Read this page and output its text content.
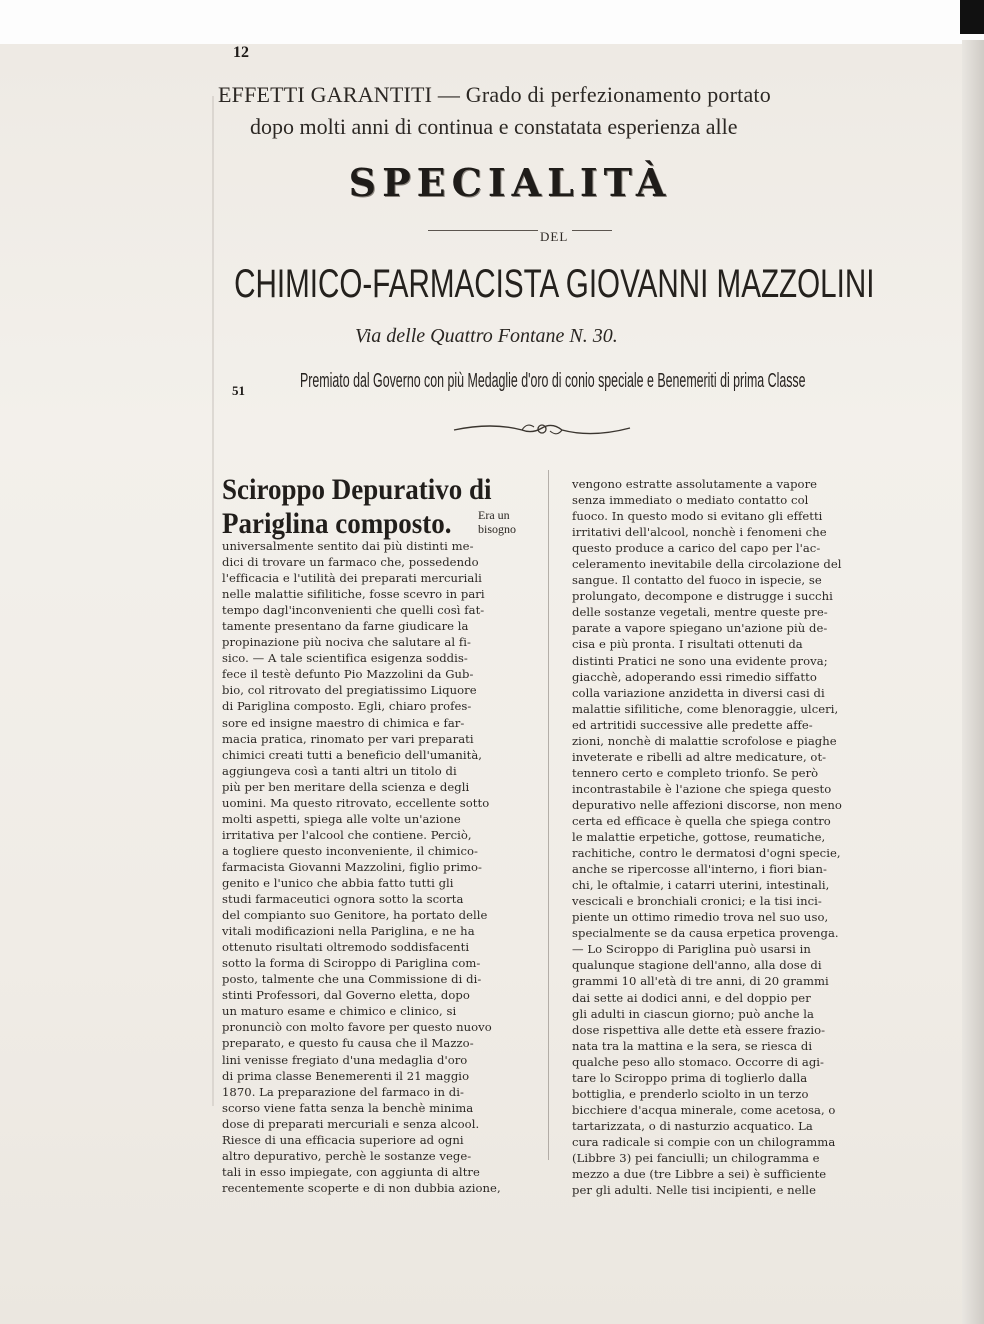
12
EFFETTI GARANTITI — Grado di perfezionamento portato
dopo molti anni di continua e constatata esperienza alle
SPECIALITÀ
DEL
CHIMICO-FARMACISTA GIOVANNI MAZZOLINI
Via delle Quattro Fontane N. 30.
51	Premiato dal Governo con più Medaglie d'oro di conio speciale e Benemeriti di prima Classe
Sciroppo Depurativo di
Pariglina composto. Era un
bisogno
universalmente sentito dai più distinti me-
dici di trovare un farmaco che, possedendo
l'efficacia e l'utilità dei preparati mercuriali
nelle malattie sifilitiche, fosse scevro in pari
tempo dagl'inconvenienti che quelli così fat-
tamente presentano da farne giudicare la
propinazione più nociva che salutare al fi-
sico. — A tale scientifica esigenza soddis-
fece il testè defunto Pio Mazzolini da Gub-
bio, col ritrovato del pregiatissimo Liquore
di Pariglina composto. Egli, chiaro profes-
sore ed insigne maestro di chimica e far-
macia pratica, rinomato per vari preparati
chimici creati tutti a beneficio dell'umanità,
aggiungeva così a tanti altri un titolo di
più per ben meritare della scienza e degli
uomini. Ma questo ritrovato, eccellente sotto
molti aspetti, spiega alle volte un'azione
irritativa per l'alcool che contiene. Perciò,
a togliere questo inconveniente, il chimico-
farmacista Giovanni Mazzolini, figlio primo-
genito e l'unico che abbia fatto tutti gli
studi farmaceutici ognora sotto la scorta
del compianto suo Genitore, ha portato delle
vitali modificazioni nella Pariglina, e ne ha
ottenuto risultati oltremodo soddisfacenti
sotto la forma di Sciroppo di Pariglina com-
posto, talmente che una Commissione di di-
stinti Professori, dal Governo eletta, dopo
un maturo esame e chimico e clinico, si
pronunciò con molto favore per questo nuovo
preparato, e questo fu causa che il Mazzo-
lini venisse fregiato d'una medaglia d'oro
di prima classe Benemerenti il 21 maggio
1870. La preparazione del farmaco in di-
scorso viene fatta senza la benchè minima
dose di preparati mercuriali e senza alcool.
Riesce di una efficacia superiore ad ogni
altro depurativo, perchè le sostanze vege-
tali in esso impiegate, con aggiunta di altre
recentemente scoperte e di non dubbia azione,
vengono estratte assolutamente a vapore
senza immediato o mediato contatto col
fuoco. In questo modo si evitano gli effetti
irritativi dell'alcool, nonchè i fenomeni che
questo produce a carico del capo per l'ac-
celeramento inevitabile della circolazione del
sangue. Il contatto del fuoco in ispecie, se
prolungato, decompone e distrugge i succhi
delle sostanze vegetali, mentre queste pre-
parate a vapore spiegano un'azione più de-
cisa e più pronta. I risultati ottenuti da
distinti Pratici ne sono una evidente prova;
giacchè, adoperando essi rimedio siffatto
colla variazione anzidetta in diversi casi di
malattie sifilitiche, come blenoraggie, ulceri,
ed artritidi successive alle predette affe-
zioni, nonchè di malattie scrofolose e piaghe
inveterate e ribelli ad altre medicature, ot-
tennero certo e completo trionfo. Se però
incontrastabile è l'azione che spiega questo
depurativo nelle affezioni discorse, non meno
certa ed efficace è quella che spiega contro
le malattie erpetiche, gottose, reumatiche,
rachitiche, contro le dermatosi d'ogni specie,
anche se ripercosse all'interno, i fiori bian-
chi, le oftalmie, i catarri uterini, intestinali,
vescicali e bronchiali cronici; e la tisi inci-
piente un ottimo rimedio trova nel suo uso,
specialmente se da causa erpetica provenga.
— Lo Sciroppo di Pariglina può usarsi in
qualunque stagione dell'anno, alla dose di
grammi 10 all'età di tre anni, di 20 grammi
dai sette ai dodici anni, e del doppio per
gli adulti in ciascun giorno; può anche la
dose rispettiva alle dette età essere frazio-
nata tra la mattina e la sera, se riesca di
qualche peso allo stomaco. Occorre di agi-
tare lo Sciroppo prima di toglierlo dalla
bottiglia, e prenderlo sciolto in un terzo
bicchiere d'acqua minerale, come acetosa, o
tartarizzata, o di nasturzio acquatico. La
cura radicale si compie con un chilogramma
(Libbre 3) pei fanciulli; un chilogramma e
mezzo a due (tre Libbre a sei) è sufficiente
per gli adulti. Nelle tisi incipienti, e nelle
